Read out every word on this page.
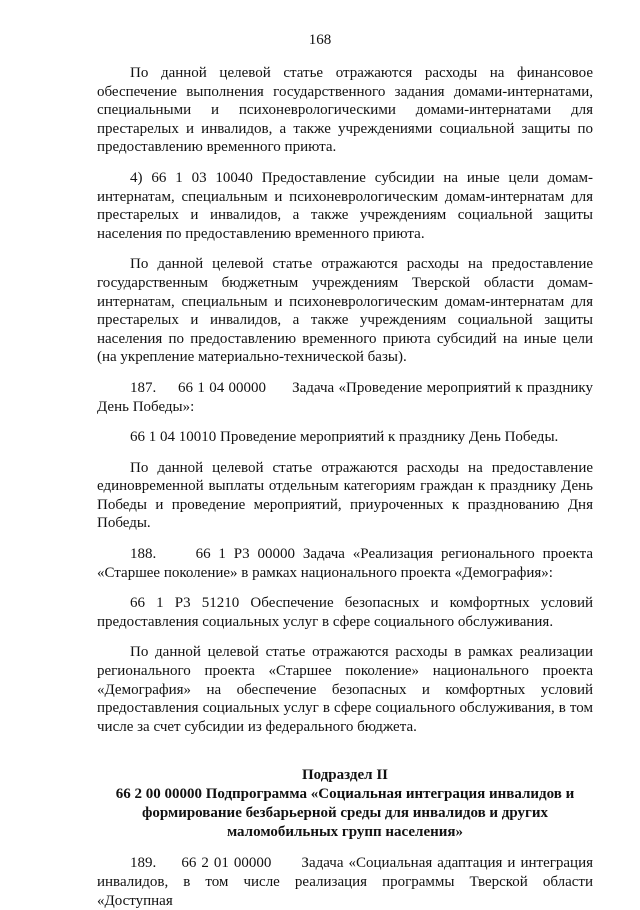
168

По данной целевой статье отражаются расходы на финансовое обеспечение выполнения государственного задания домами-интернатами, специальными и психоневрологическими домами-интернатами для престарелых и инвалидов, а также учреждениями социальной защиты по предоставлению временного приюта.

4) 66 1 03 10040 Предоставление субсидии на иные цели домам-интернатам, специальным и психоневрологическим домам-интернатам для престарелых и инвалидов, а также учреждениям социальной защиты населения по предоставлению временного приюта.

По данной целевой статье отражаются расходы на предоставление государственным бюджетным учреждениям Тверской области домам-интернатам, специальным и психоневрологическим домам-интернатам для престарелых и инвалидов, а также учреждениям социальной защиты населения по предоставлению временного приюта субсидий на иные цели (на укрепление материально-технической базы).

187.     66 1 04 00000      Задача «Проведение мероприятий к празднику День Победы»:

66 1 04 10010 Проведение мероприятий к празднику День Победы.

По данной целевой статье отражаются расходы на предоставление единовременной выплаты отдельным категориям граждан к празднику День Победы и проведение мероприятий, приуроченных к празднованию Дня Победы.

188.     66 1 Р3 00000 Задача «Реализация регионального проекта «Старшее поколение» в рамках национального проекта «Демография»:

66 1 Р3 51210 Обеспечение безопасных и комфортных условий предоставления социальных услуг в сфере социального обслуживания.

По данной целевой статье отражаются расходы в рамках реализации регионального проекта «Старшее поколение» национального проекта «Демография» на обеспечение безопасных и комфортных условий предоставления социальных услуг в сфере социального обслуживания, в том числе за счет субсидии из федерального бюджета.

Подраздел II
66 2 00 00000 Подпрограмма «Социальная интеграция инвалидов и
формирование безбарьерной среды для инвалидов и других
маломобильных групп населения»

189.     66 2 01 00000      Задача «Социальная адаптация и интеграция инвалидов, в том числе реализация программы Тверской области «Доступная
